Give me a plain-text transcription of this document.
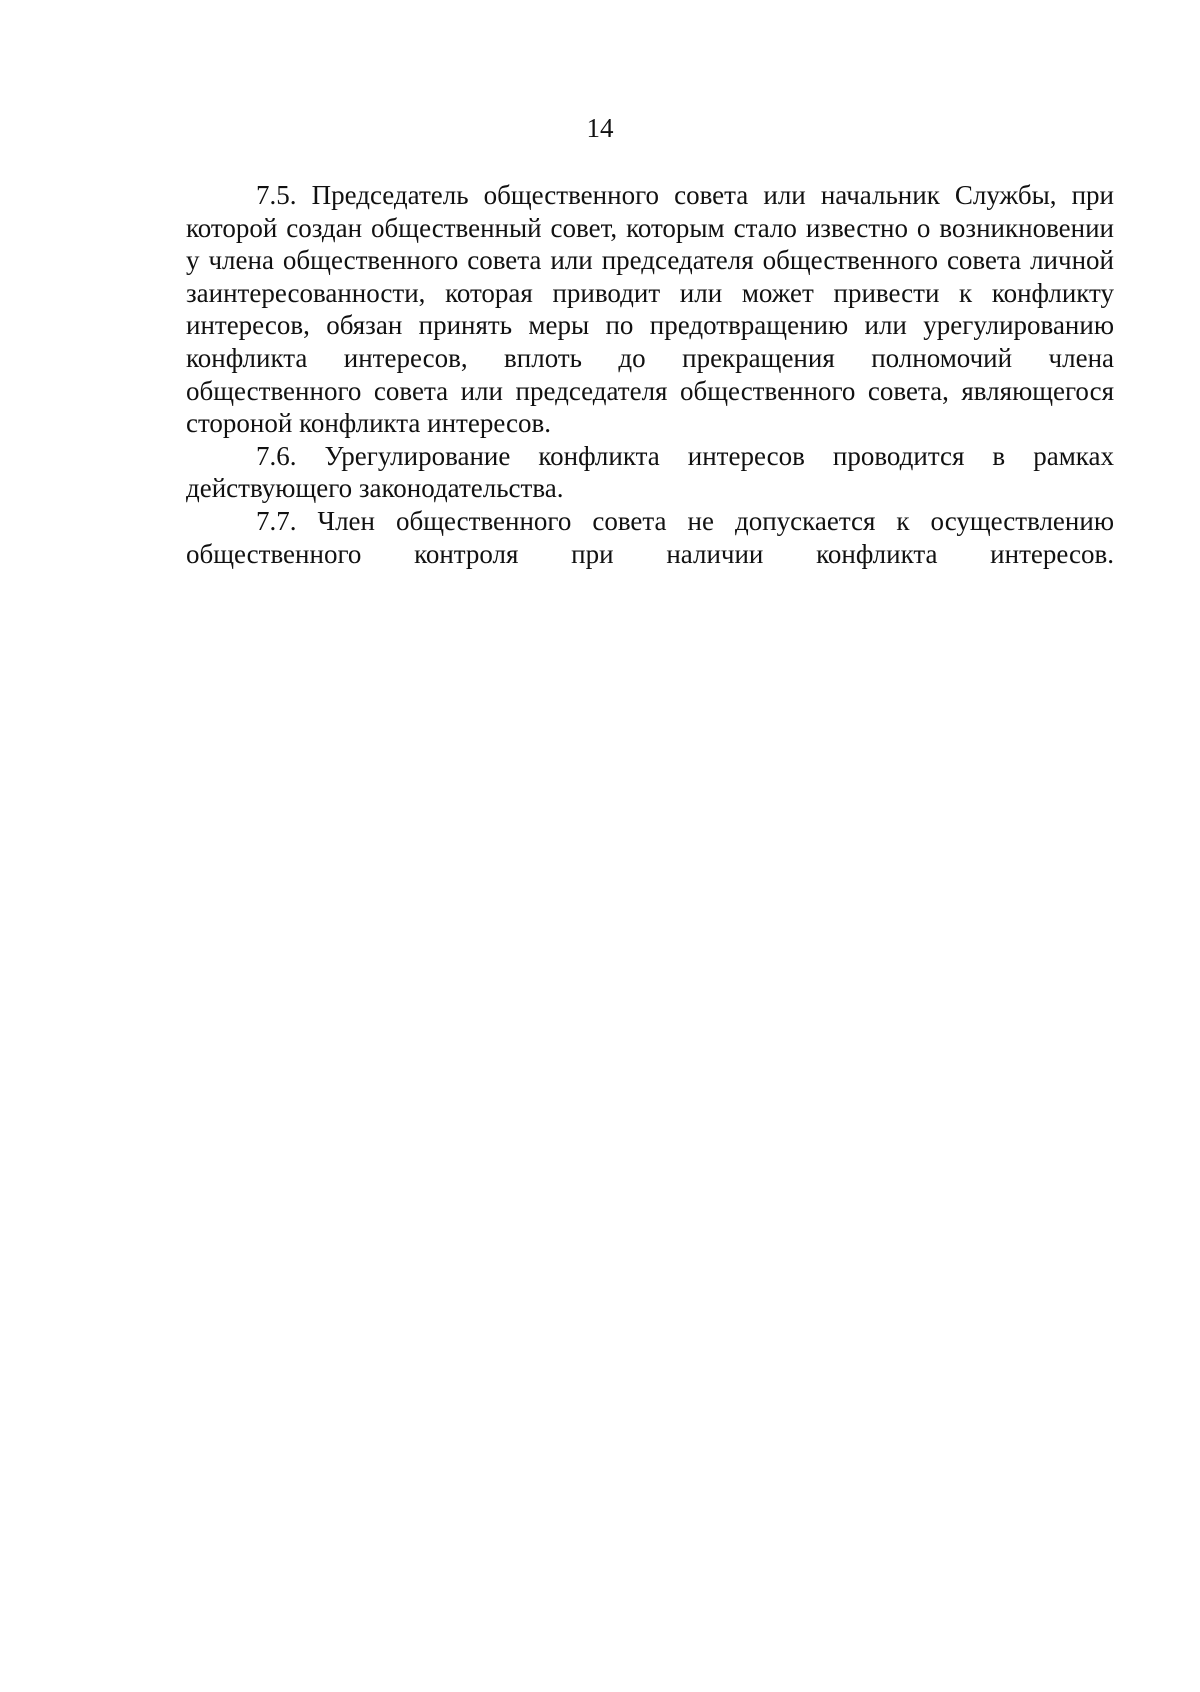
14

7.5. Председатель общественного совета или начальник Службы, при которой создан общественный совет, которым стало известно о возникновении у члена общественного совета или председателя общественного совета личной заинтересованности, которая приводит или может привести к конфликту интересов, обязан принять меры по предотвращению или урегулированию конфликта интересов, вплоть до прекращения полномочий члена общественного совета или председателя общественного совета, являющегося стороной конфликта интересов.

7.6. Урегулирование конфликта интересов проводится в рамках действующего законодательства.

7.7. Член общественного совета не допускается к осуществлению общественного контроля при наличии конфликта интересов.
